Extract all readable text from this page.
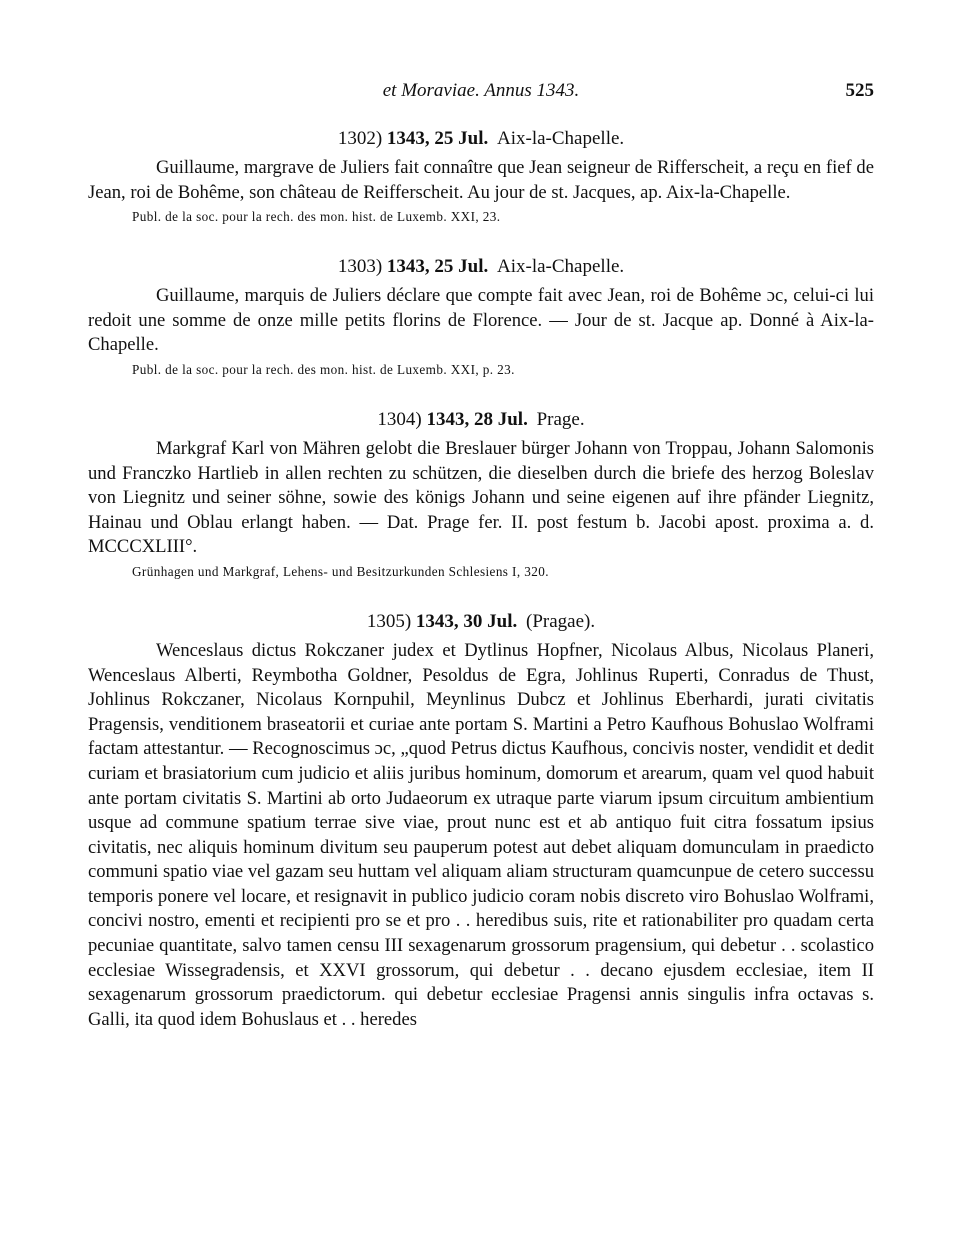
et Moraviae. Annus 1343.	525
1302) 1343, 25 Jul. Aix-la-Chapelle.

Guillaume, margrave de Juliers fait connaître que Jean seigneur de Rifferscheit, a reçu en fief de Jean, roi de Bohême, son château de Reifferscheit. Au jour de st. Jacques, ap. Aix-la-Chapelle.

Publ. de la soc. pour la rech. des mon. hist. de Luxemb. XXI, 23.
1303) 1343, 25 Jul. Aix-la-Chapelle.

Guillaume, marquis de Juliers déclare que compte fait avec Jean, roi de Bohême ɔc, celui-ci lui redoit une somme de onze mille petits florins de Florence. — Jour de st. Jacque ap. Donné à Aix-la-Chapelle.

Publ. de la soc. pour la rech. des mon. hist. de Luxemb. XXI, p. 23.
1304) 1343, 28 Jul. Prage.

Markgraf Karl von Mähren gelobt die Breslauer bürger Johann von Troppau, Johann Salomonis und Franczko Hartlieb in allen rechten zu schützen, die dieselben durch die briefe des herzog Boleslav von Liegnitz und seiner söhne, sowie des königs Johann und seine eigenen auf ihre pfänder Liegnitz, Hainau und Oblau erlangt haben. — Dat. Prage fer. II. post festum b. Jacobi apost. proxima a. d. MCCCXLIII°.

Grünhagen und Markgraf, Lehens- und Besitzurkunden Schlesiens I, 320.
1305) 1343, 30 Jul. (Pragae).

Wenceslaus dictus Rokczaner judex et Dytlinus Hopfner, Nicolaus Albus, Nicolaus Planeri, Wenceslaus Alberti, Reymbotha Goldner, Pesoldus de Egra, Johlinus Ruperti, Conradus de Thust, Johlinus Rokczaner, Nicolaus Kornpuhil, Meynlinus Dubcz et Johlinus Eberhardi, jurati civitatis Pragensis, venditionem braseatorii et curiae ante portam S. Martini a Petro Kaufhous Bohuslao Wolframi factam attestantur. — Recognoscimus ɔc, „quod Petrus dictus Kaufhous, concivis noster, vendidit et dedit curiam et brasiatorium cum judicio et aliis juribus hominum, domorum et arearum, quam vel quod habuit ante portam civitatis S. Martini ab orto Judaeorum ex utraque parte viarum ipsum circuitum ambientium usque ad commune spatium terrae sive viae, prout nunc est et ab antiquo fuit citra fossatum ipsius civitatis, nec aliquis hominum divitum seu pauperum potest aut debet aliquam domunculam in praedicto communi spatio viae vel gazam seu huttam vel aliquam aliam structuram quamcunpue de cetero successu temporis ponere vel locare, et resignavit in publico judicio coram nobis discreto viro Bohuslao Wolframi, concivi nostro, ementi et recipienti pro se et pro . . heredibus suis, rite et rationabiliter pro quadam certa pecuniae quantitate, salvo tamen censu III sexagenarum grossorum pragensium, qui debetur . . scolastico ecclesiae Wissegradensis, et XXVI grossorum, qui debetur . . decano ejusdem ecclesiae, item II sexagenarum grossorum praedictorum. qui debetur ecclesiae Pragensi annis singulis infra octavas s. Galli, ita quod idem Bohuslaus et . . heredes
